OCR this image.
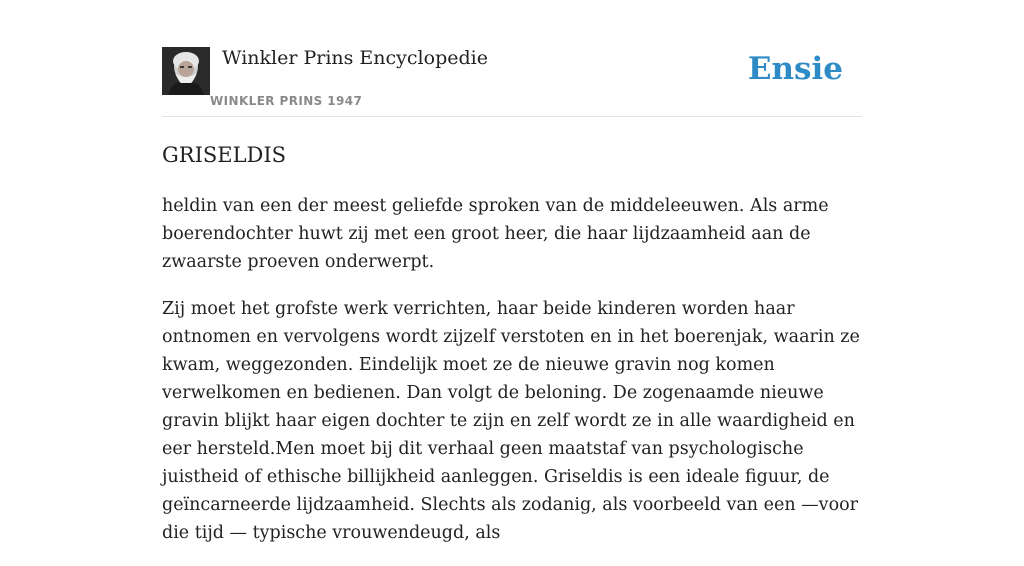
Winkler Prins Encyclopedie
WINKLER PRINS 1947
Ensie
GRISELDIS

heldin van een der meest geliefde sproken van de middeleeuwen. Als arme boerendochter huwt zij met een groot heer, die haar lijdzaamheid aan de zwaarste proeven onderwerpt.

Zij moet het grofste werk verrichten, haar beide kinderen worden haar ontnomen en vervolgens wordt zijzelf verstoten en in het boerenjak, waarin ze kwam, weggezonden. Eindelijk moet ze de nieuwe gravin nog komen verwelkomen en bedienen. Dan volgt de beloning. De zogenaamde nieuwe gravin blijkt haar eigen dochter te zijn en zelf wordt ze in alle waardigheid en eer hersteld.Men moet bij dit verhaal geen maatstaf van psychologische juistheid of ethische billijkheid aanleggen. Griseldis is een ideale figuur, de geïncarneerde lijdzaamheid. Slechts als zodanig, als voorbeeld van een —voor die tijd — typische vrouwendeugd, als
